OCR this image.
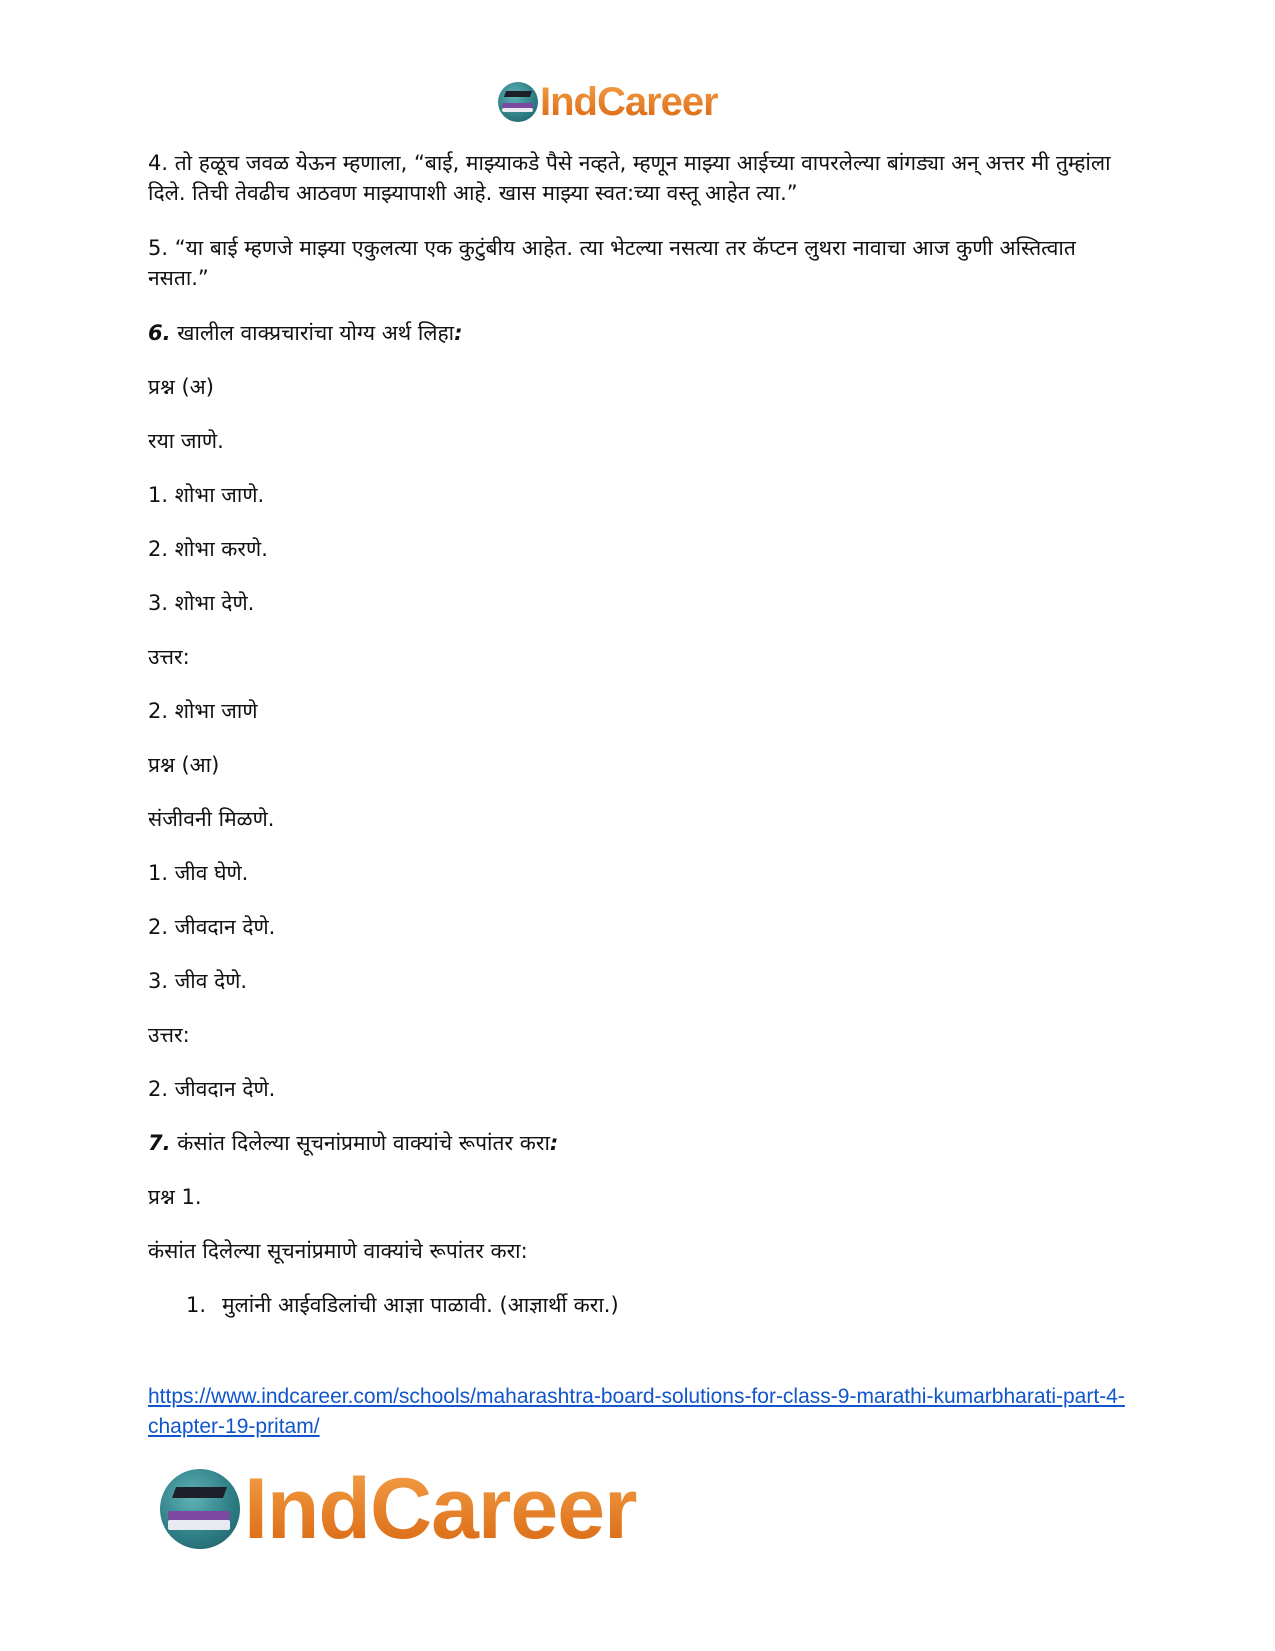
IndCareer

4. तो हळूच जवळ येऊन म्हणाला, “बाई, माझ्याकडे पैसे नव्हते, म्हणून माझ्या आईच्या वापरलेल्या बांगड्या अन् अत्तर मी तुम्हांला दिले. तिची तेवढीच आठवण माझ्यापाशी आहे. खास माझ्या स्वत:च्या वस्तू आहेत त्या.”

5. “या बाई म्हणजे माझ्या एकुलत्या एक कुटुंबीय आहेत. त्या भेटल्या नसत्या तर कॅप्टन लुथरा नावाचा आज कुणी अस्तित्वात नसता.”

6. खालील वाक्प्रचारांचा योग्य अर्थ लिहा:

प्रश्न (अ)

रया जाणे.

1. शोभा जाणे.

2. शोभा करणे.

3. शोभा देणे.

उत्तर:

2. शोभा जाणे

प्रश्न (आ)

संजीवनी मिळणे.

1. जीव घेणे.

2. जीवदान देणे.

3. जीव देणे.

उत्तर:

2. जीवदान देणे.

7. कंसांत दिलेल्या सूचनांप्रमाणे वाक्यांचे रूपांतर करा:

प्रश्न 1.

कंसांत दिलेल्या सूचनांप्रमाणे वाक्यांचे रूपांतर करा:

1. मुलांनी आईवडिलांची आज्ञा पाळावी. (आज्ञार्थी करा.)

https://www.indcareer.com/schools/maharashtra-board-solutions-for-class-9-marathi-kumarbharati-part-4-chapter-19-pritam/
IndCareer
